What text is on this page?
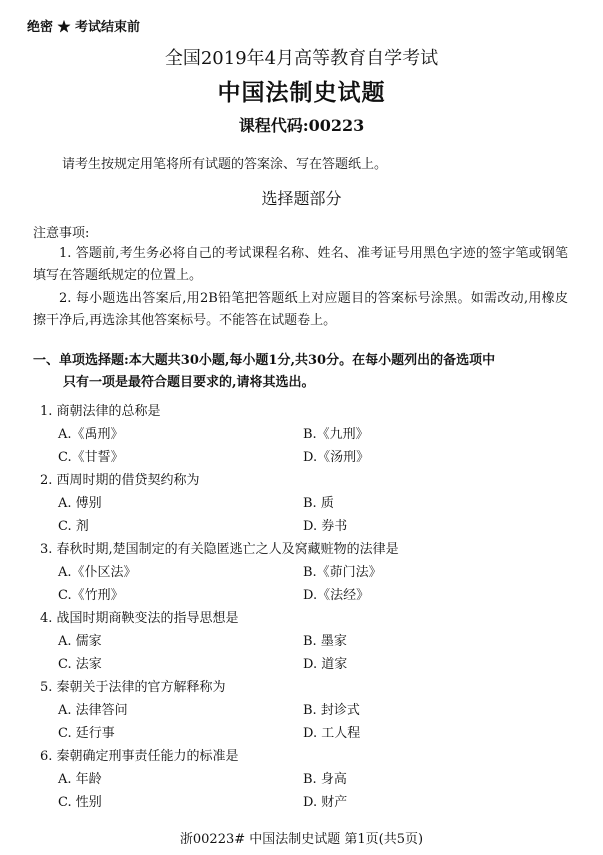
绝密 ★ 考试结束前
全国2019年4月高等教育自学考试
中国法制史试题
课程代码:00223
请考生按规定用笔将所有试题的答案涂、写在答题纸上。
选择题部分
注意事项:
1. 答题前,考生务必将自己的考试课程名称、姓名、准考证号用黑色字迹的签字笔或钢笔填写在答题纸规定的位置上。
2. 每小题选出答案后,用2B铅笔把答题纸上对应题目的答案标号涂黑。如需改动,用橡皮擦干净后,再选涂其他答案标号。不能答在试题卷上。
一、单项选择题:本大题共30小题,每小题1分,共30分。在每小题列出的备选项中
只有一项是最符合题目要求的,请将其选出。
1. 商朝法律的总称是
A.《禹刑》	B.《九刑》
C.《甘誓》	D.《汤刑》
2. 西周时期的借贷契约称为
A. 傅别	B. 质
C. 剂	D. 券书
3. 春秋时期,楚国制定的有关隐匿逃亡之人及窝藏赃物的法律是
A.《仆区法》	B.《茆门法》
C.《竹刑》	D.《法经》
4. 战国时期商鞅变法的指导思想是
A. 儒家	B. 墨家
C. 法家	D. 道家
5. 秦朝关于法律的官方解释称为
A. 法律答问	B. 封诊式
C. 廷行事	D. 工人程
6. 秦朝确定刑事责任能力的标准是
A. 年龄	B. 身高
C. 性别	D. 财产
浙00223# 中国法制史试题 第1页(共5页)
